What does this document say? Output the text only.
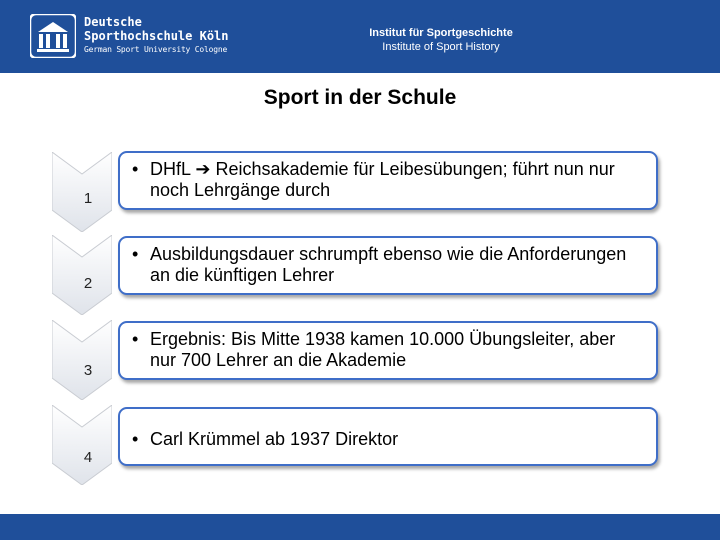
Deutsche
Sporthochschule Köln
German Sport University Cologne
Institut für Sportgeschichte
Institute of Sport History
Sport in der Schule
1
• DHfL ➔ Reichsakademie für Leibesübungen; führt nun nur noch Lehrgänge durch
2
• Ausbildungsdauer schrumpft ebenso wie die Anforderungen an die künftigen Lehrer
3
• Ergebnis: Bis Mitte 1938 kamen 10.000 Übungsleiter, aber nur 700 Lehrer an die Akademie
4
• Carl Krümmel ab 1937 Direktor
